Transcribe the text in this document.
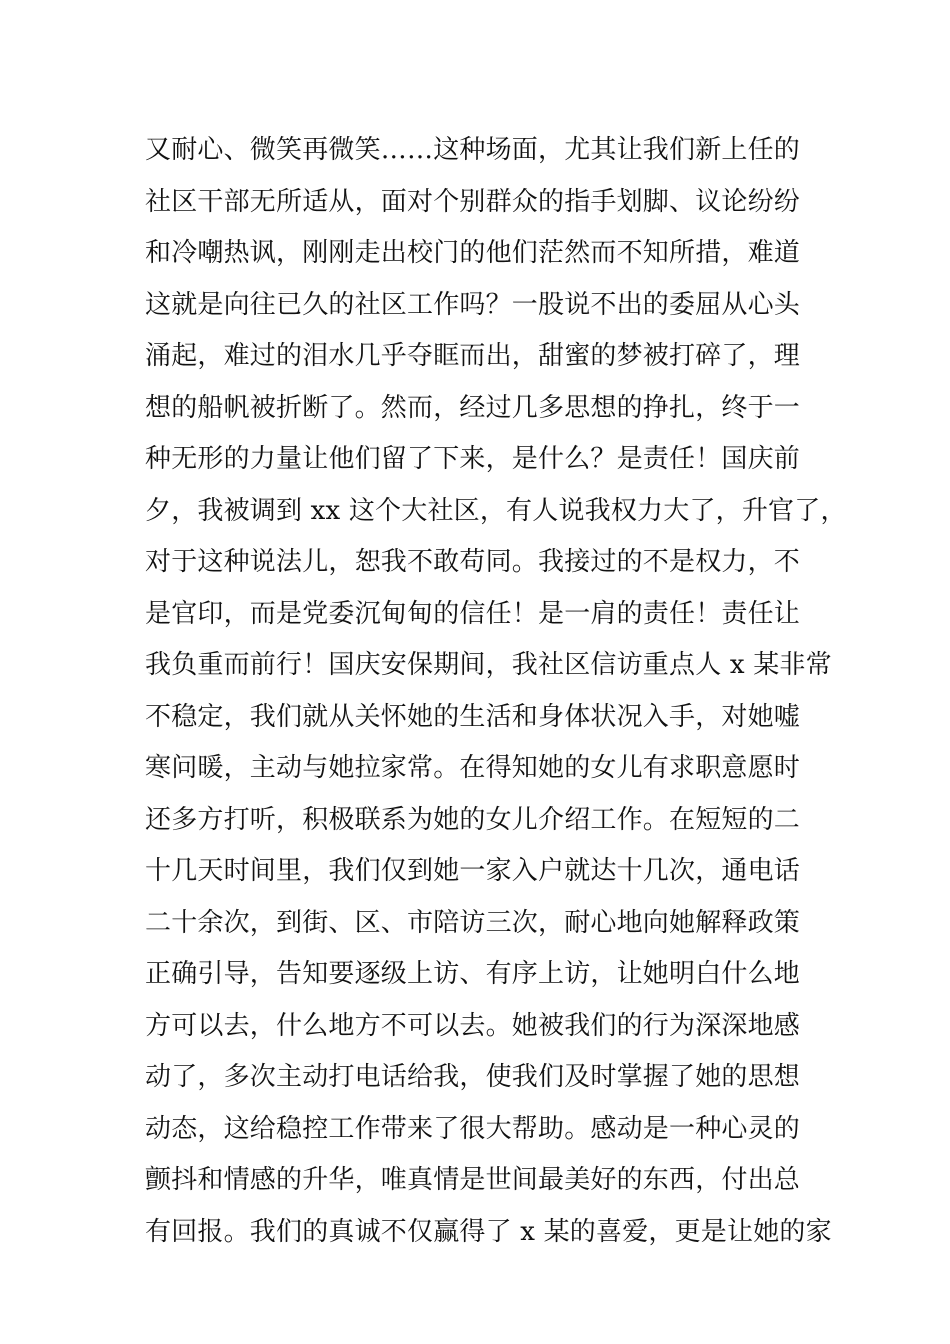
又耐心、微笑再微笑……这种场面，尤其让我们新上任的
社区干部无所适从，面对个别群众的指手划脚、议论纷纷
和冷嘲热讽，刚刚走出校门的他们茫然而不知所措，难道
这就是向往已久的社区工作吗？一股说不出的委屈从心头
涌起，难过的泪水几乎夺眶而出，甜蜜的梦被打碎了，理
想的船帆被折断了。然而，经过几多思想的挣扎，终于一
种无形的力量让他们留了下来，是什么？是责任！国庆前
夕，我被调到 xx 这个大社区，有人说我权力大了，升官了，
对于这种说法儿，恕我不敢苟同。我接过的不是权力，不
是官印，而是党委沉甸甸的信任！是一肩的责任！责任让
我负重而前行！国庆安保期间，我社区信访重点人 x 某非常
不稳定，我们就从关怀她的生活和身体状况入手，对她嘘
寒问暖，主动与她拉家常。在得知她的女儿有求职意愿时
还多方打听，积极联系为她的女儿介绍工作。在短短的二
十几天时间里，我们仅到她一家入户就达十几次，通电话
二十余次，到街、区、市陪访三次，耐心地向她解释政策
正确引导，告知要逐级上访、有序上访，让她明白什么地
方可以去，什么地方不可以去。她被我们的行为深深地感
动了，多次主动打电话给我，使我们及时掌握了她的思想
动态，这给稳控工作带来了很大帮助。感动是一种心灵的
颤抖和情感的升华，唯真情是世间最美好的东西，付出总
有回报。我们的真诚不仅赢得了 x 某的喜爱，更是让她的家
